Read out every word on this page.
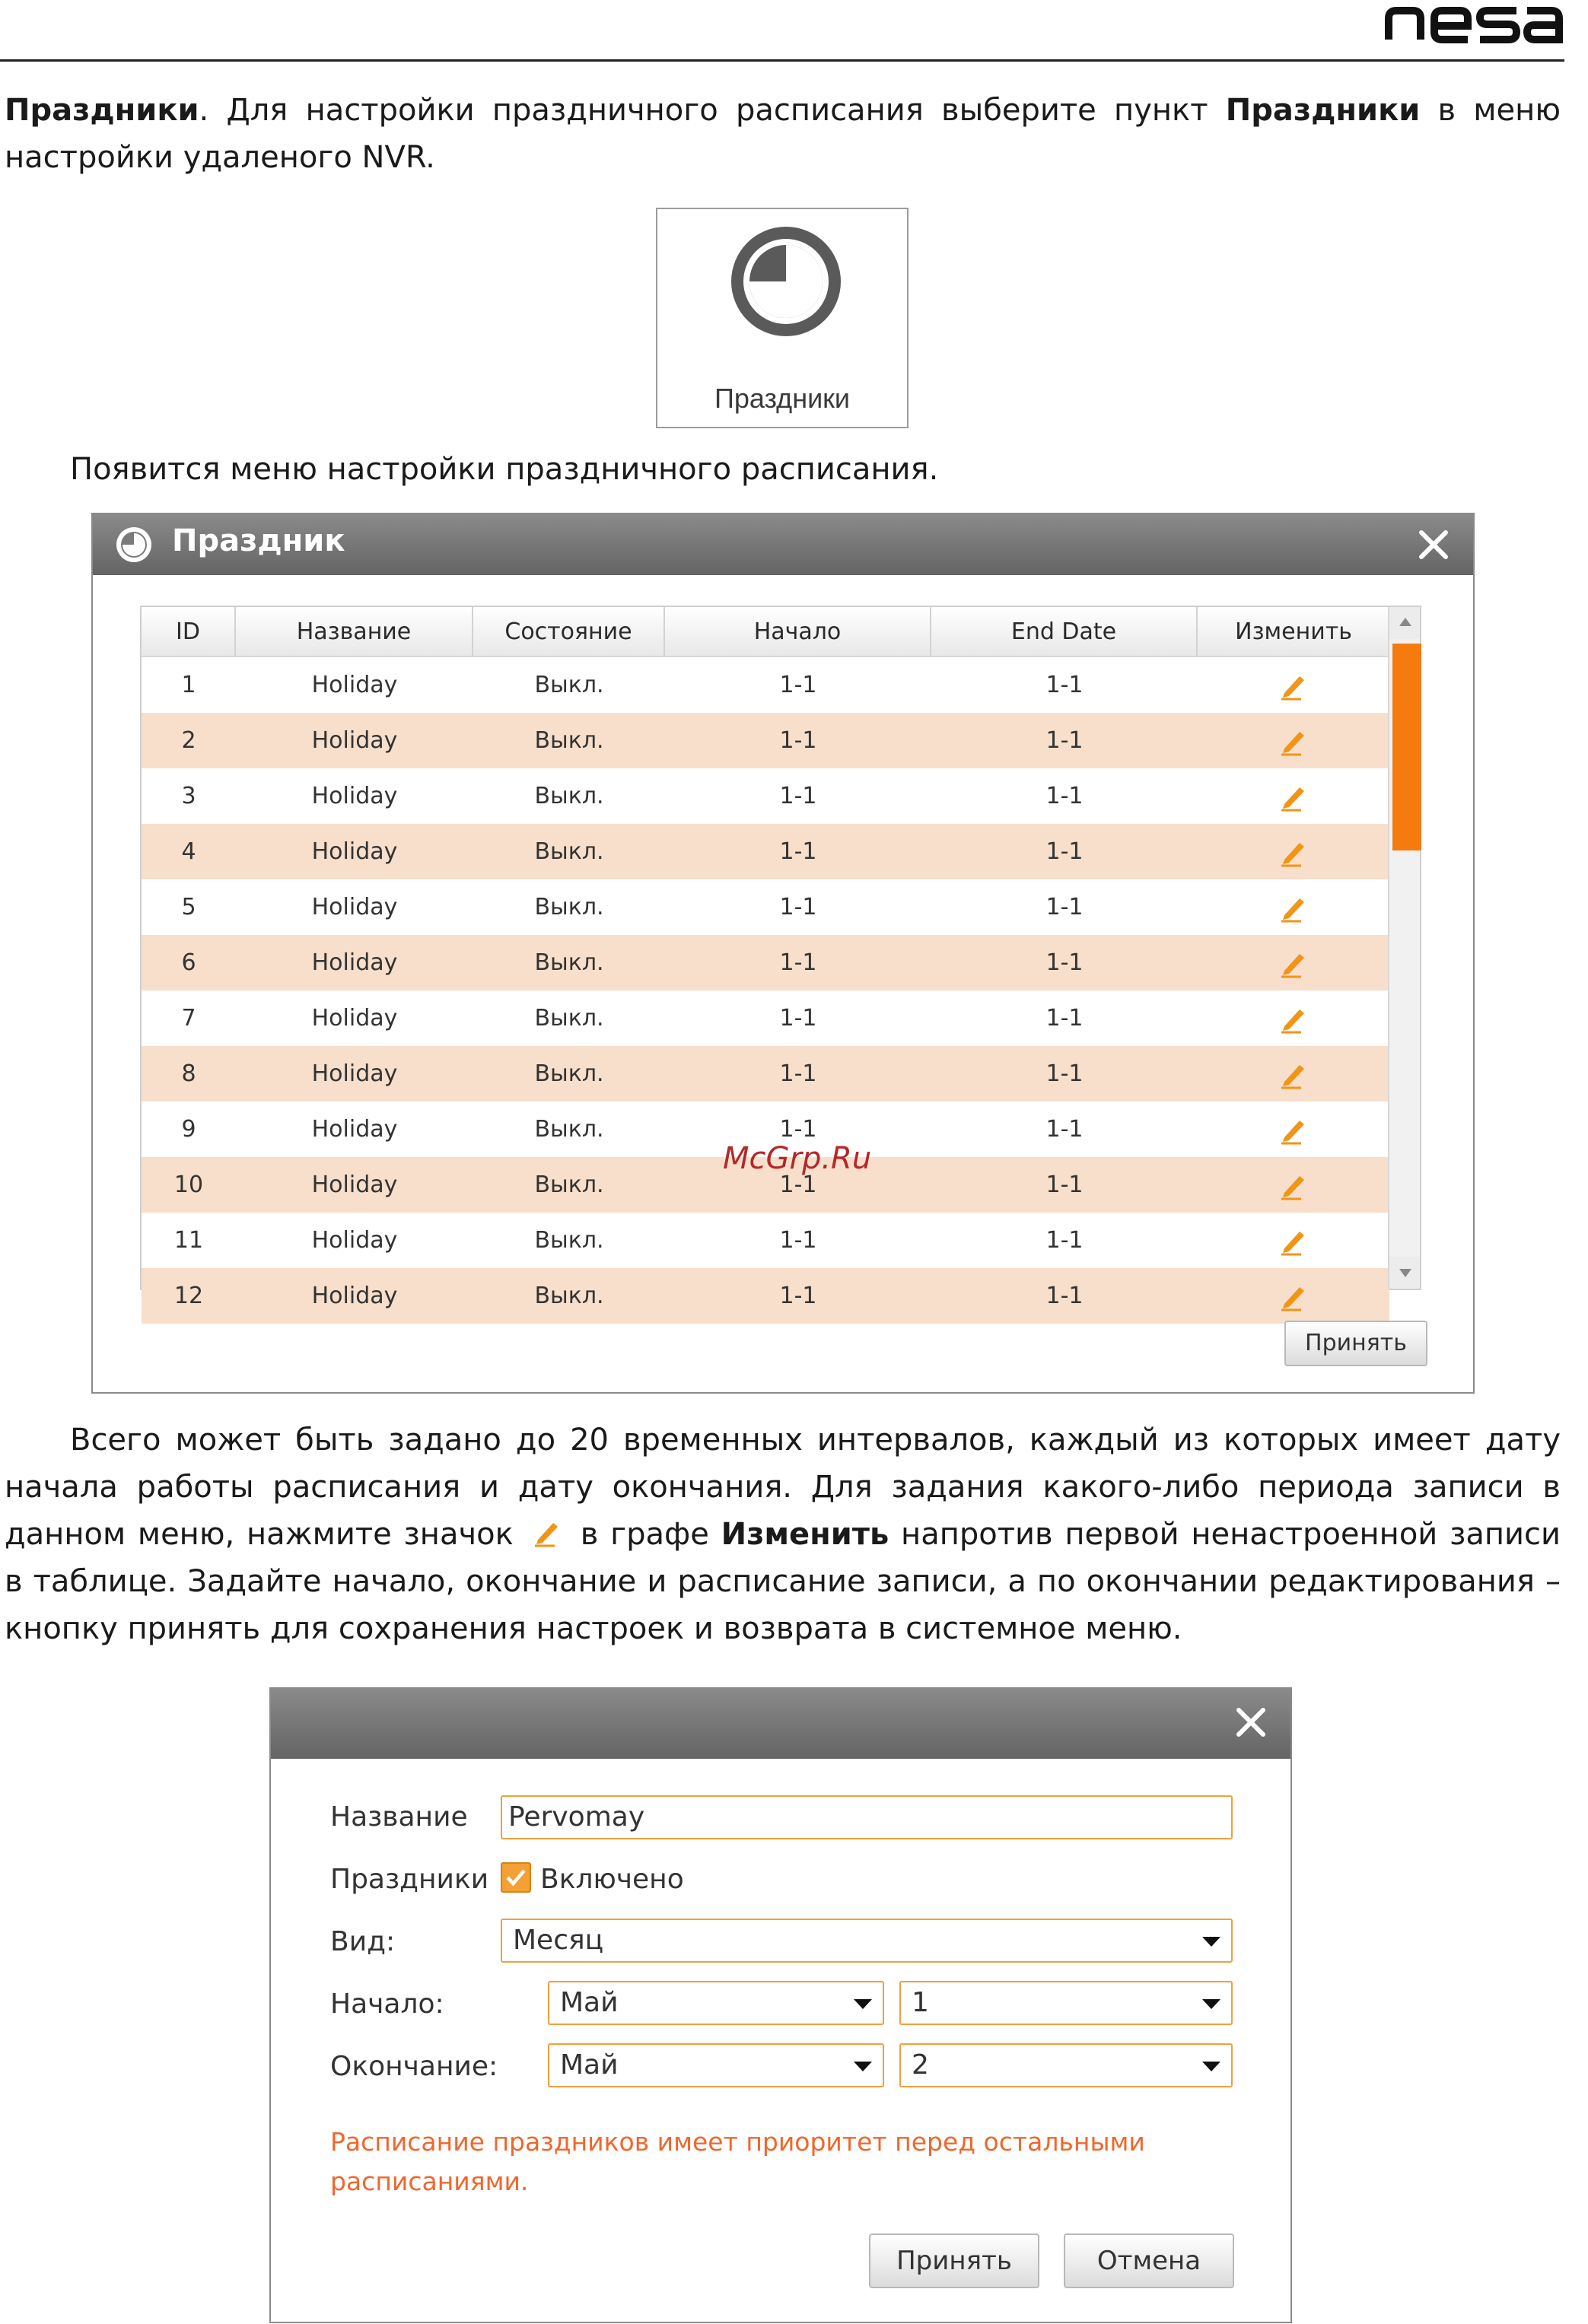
Праздники. Для настройки праздничного расписания выберите пункт Праздники в меню настройки удаленого NVR.
Праздники
Появится меню настройки праздничного расписания.
Праздник
ID	Название	Состояние	Начало	End Date	Изменить
1	Holiday	Выкл.	1-1	1-1
2	Holiday	Выкл.	1-1	1-1
3	Holiday	Выкл.	1-1	1-1
4	Holiday	Выкл.	1-1	1-1
5	Holiday	Выкл.	1-1	1-1
6	Holiday	Выкл.	1-1	1-1
7	Holiday	Выкл.	1-1	1-1
8	Holiday	Выкл.	1-1	1-1
9	Holiday	Выкл.	1-1	1-1
10	Holiday	Выкл.	1-1	1-1
11	Holiday	Выкл.	1-1	1-1
12	Holiday	Выкл.	1-1	1-1
Принять
McGrp.Ru
Всего может быть задано до 20 временных интервалов, каждый из которых имеет дату начала работы расписания и дату окончания. Для задания какого-либо периода записи в данном меню, нажмите значок в графе Изменить напротив первой ненастроенной записи в таблице. Задайте начало, окончание и расписание записи, а по окончании редактирования – кнопку принять для сохранения настроек и возврата в системное меню.
Название Pervomay
Праздники Включено
Вид:	Месяц
Начало:	Май	1
Окончание:	Май	2
Расписание праздников имеет приоритет перед остальными расписаниями.
Принять	Отмена
